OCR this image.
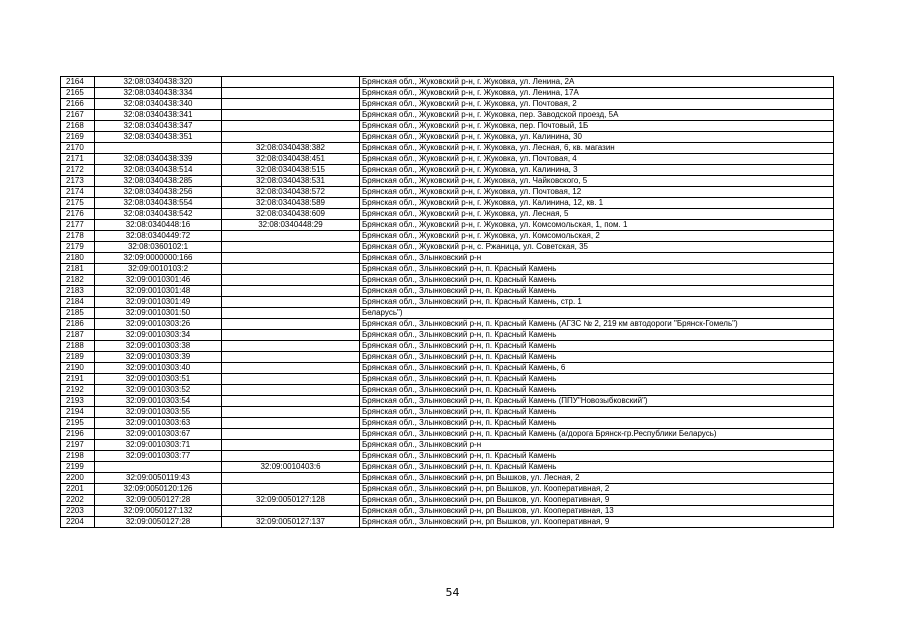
2164	32:08:0340438:320		Брянская обл., Жуковский р-н, г. Жуковка, ул. Ленина, 2А
2165	32:08:0340438:334		Брянская обл., Жуковский р-н, г. Жуковка, ул. Ленина, 17А
2166	32:08:0340438:340		Брянская обл., Жуковский р-н, г. Жуковка, ул. Почтовая, 2
2167	32:08:0340438:341		Брянская обл., Жуковский р-н, г. Жуковка, пер. Заводской проезд, 5А
2168	32:08:0340438:347		Брянская обл., Жуковский р-н, г. Жуковка, пер. Почтовый, 1Б
2169	32:08:0340438:351		Брянская обл., Жуковский р-н, г. Жуковка, ул. Калинина, 30
2170		32:08:0340438:382	Брянская обл., Жуковский р-н, г. Жуковка, ул. Лесная, 6, кв. магазин
2171	32:08:0340438:339	32:08:0340438:451	Брянская обл., Жуковский р-н, г. Жуковка, ул. Почтовая, 4
2172	32:08:0340438:514	32:08:0340438:515	Брянская обл., Жуковский р-н, г. Жуковка, ул. Калинина, 3
2173	32:08:0340438:285	32:08:0340438:531	Брянская обл., Жуковский р-н, г. Жуковка, ул. Чайковского, 5
2174	32:08:0340438:256	32:08:0340438:572	Брянская обл., Жуковский р-н, г. Жуковка, ул. Почтовая, 12
2175	32:08:0340438:554	32:08:0340438:589	Брянская обл., Жуковский р-н, г. Жуковка, ул. Калинина, 12, кв. 1
2176	32:08:0340438:542	32:08:0340438:609	Брянская обл., Жуковский р-н, г. Жуковка, ул. Лесная, 5
2177	32:08:0340448:16	32:08:0340448:29	Брянская обл., Жуковский р-н, г. Жуковка, ул. Комсомольская, 1, пом. 1
2178	32:08:0340449:72		Брянская обл., Жуковский р-н, г. Жуковка, ул. Комсомольская, 2
2179	32:08:0360102:1		Брянская обл., Жуковский р-н, с. Ржаница, ул. Советская, 35
2180	32:09:0000000:166		Брянская обл., Злынковский р-н
2181	32:09:0010103:2		Брянская обл., Злынковский р-н, п. Красный Камень
2182	32:09:0010301:46		Брянская обл., Злынковский р-н, п. Красный Камень
2183	32:09:0010301:48		Брянская обл., Злынковский р-н, п. Красный Камень
2184	32:09:0010301:49		Брянская обл., Злынковский р-н, п. Красный Камень, стр. 1
2185	32:09:0010301:50		Беларусь")
2186	32:09:0010303:26		Брянская обл., Злынковский р-н, п. Красный Камень (АГЗС № 2, 219 км автодороги "Брянск-Гомель")
2187	32:09:0010303:34		Брянская обл., Злынковский р-н, п. Красный Камень
2188	32:09:0010303:38		Брянская обл., Злынковский р-н, п. Красный Камень
2189	32:09:0010303:39		Брянская обл., Злынковский р-н, п. Красный Камень
2190	32:09:0010303:40		Брянская обл., Злынковский р-н, п. Красный Камень, 6
2191	32:09:0010303:51		Брянская обл., Злынковский р-н, п. Красный Камень
2192	32:09:0010303:52		Брянская обл., Злынковский р-н, п. Красный Камень
2193	32:09:0010303:54		Брянская обл., Злынковский р-н, п. Красный Камень (ППУ"Новозыбковский")
2194	32:09:0010303:55		Брянская обл., Злынковский р-н, п. Красный Камень
2195	32:09:0010303:63		Брянская обл., Злынковский р-н, п. Красный Камень
2196	32:09:0010303:67		Брянская обл., Злынковский р-н, п. Красный Камень (а/дорога Брянск-гр.Республики Беларусь)
2197	32:09:0010303:71		Брянская обл., Злынковский р-н
2198	32:09:0010303:77		Брянская обл., Злынковский р-н, п. Красный Камень
2199		32:09:0010403:6	Брянская обл., Злынковский р-н, п. Красный Камень
2200	32:09:0050119:43		Брянская обл., Злынковский р-н, рп Вышков, ул. Лесная, 2
2201	32:09:0050120:126		Брянская обл., Злынковский р-н, рп Вышков, ул. Кооперативная, 2
2202	32:09:0050127:28	32:09:0050127:128	Брянская обл., Злынковский р-н, рп Вышков, ул. Кооперативная, 9
2203	32:09:0050127:132		Брянская обл., Злынковский р-н, рп Вышков, ул. Кооперативная, 13
2204	32:09:0050127:28	32:09:0050127:137	Брянская обл., Злынковский р-н, рп Вышков, ул. Кооперативная, 9
54
